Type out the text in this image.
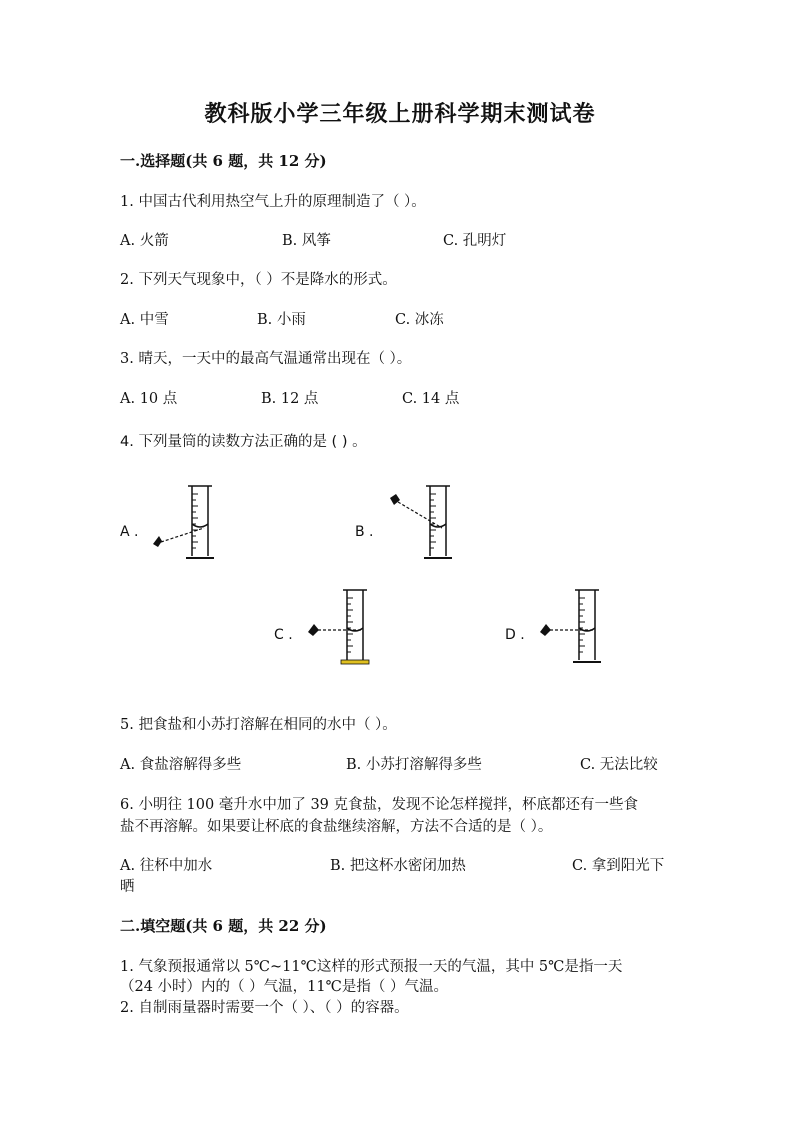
教科版小学三年级上册科学期末测试卷
一.选择题(共 6 题，共 12 分)
1. 中国古代利用热空气上升的原理制造了（ ）。
A. 火箭	B. 风筝	C. 孔明灯
2. 下列天气现象中，（ ）不是降水的形式。
A. 中雪	B. 小雨	C. 冰冻
3. 晴天，一天中的最高气温通常出现在（ ）。
A. 10 点	B. 12 点	C. 14 点
4. 下列量筒的读数方法正确的是 ( ) 。
A .	B .
C .	D .
5. 把食盐和小苏打溶解在相同的水中（ ）。
A. 食盐溶解得多些	B. 小苏打溶解得多些	C. 无法比较
6. 小明往 100 毫升水中加了 39 克食盐，发现不论怎样搅拌，杯底都还有一些食
盐不再溶解。如果要让杯底的食盐继续溶解，方法不合适的是（ ）。
A. 往杯中加水	B. 把这杯水密闭加热	C. 拿到阳光下
晒
二.填空题(共 6 题，共 22 分)
1. 气象预报通常以 5℃~11℃这样的形式预报一天的气温，其中 5℃是指一天
（24 小时）内的（ ）气温，11℃是指（ ）气温。
2. 自制雨量器时需要一个（ ）、（ ）的容器。
